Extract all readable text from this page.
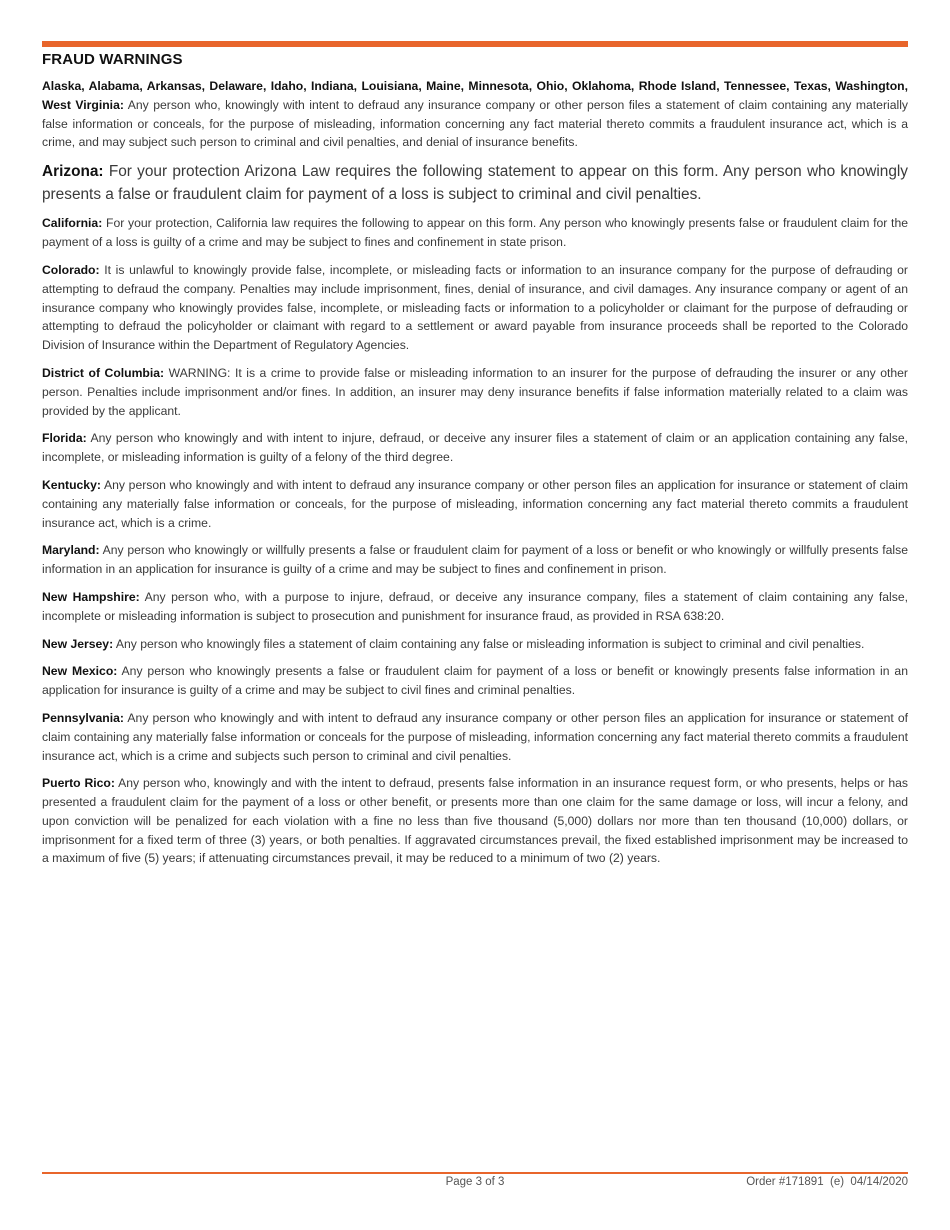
FRAUD WARNINGS

Alaska, Alabama, Arkansas, Delaware, Idaho, Indiana, Louisiana, Maine, Minnesota, Ohio, Oklahoma, Rhode Island, Tennessee, Texas, Washington, West Virginia: Any person who, knowingly with intent to defraud any insurance company or other person files a statement of claim containing any materially false information or conceals, for the purpose of misleading, information concerning any fact material thereto commits a fraudulent insurance act, which is a crime, and may subject such person to criminal and civil penalties, and denial of insurance benefits.

Arizona: For your protection Arizona Law requires the following statement to appear on this form. Any person who knowingly presents a false or fraudulent claim for payment of a loss is subject to criminal and civil penalties.

California: For your protection, California law requires the following to appear on this form. Any person who knowingly presents false or fraudulent claim for the payment of a loss is guilty of a crime and may be subject to fines and confinement in state prison.

Colorado: It is unlawful to knowingly provide false, incomplete, or misleading facts or information to an insurance company for the purpose of defrauding or attempting to defraud the company. Penalties may include imprisonment, fines, denial of insurance, and civil damages. Any insurance company or agent of an insurance company who knowingly provides false, incomplete, or misleading facts or information to a policyholder or claimant for the purpose of defrauding or attempting to defraud the policyholder or claimant with regard to a settlement or award payable from insurance proceeds shall be reported to the Colorado Division of Insurance within the Department of Regulatory Agencies.

District of Columbia: WARNING: It is a crime to provide false or misleading information to an insurer for the purpose of defrauding the insurer or any other person. Penalties include imprisonment and/or fines. In addition, an insurer may deny insurance benefits if false information materially related to a claim was provided by the applicant.

Florida: Any person who knowingly and with intent to injure, defraud, or deceive any insurer files a statement of claim or an application containing any false, incomplete, or misleading information is guilty of a felony of the third degree.

Kentucky: Any person who knowingly and with intent to defraud any insurance company or other person files an application for insurance or statement of claim containing any materially false information or conceals, for the purpose of misleading, information concerning any fact material thereto commits a fraudulent insurance act, which is a crime.

Maryland: Any person who knowingly or willfully presents a false or fraudulent claim for payment of a loss or benefit or who knowingly or willfully presents false information in an application for insurance is guilty of a crime and may be subject to fines and confinement in prison.

New Hampshire: Any person who, with a purpose to injure, defraud, or deceive any insurance company, files a statement of claim containing any false, incomplete or misleading information is subject to prosecution and punishment for insurance fraud, as provided in RSA 638:20.

New Jersey: Any person who knowingly files a statement of claim containing any false or misleading information is subject to criminal and civil penalties.

New Mexico: Any person who knowingly presents a false or fraudulent claim for payment of a loss or benefit or knowingly presents false information in an application for insurance is guilty of a crime and may be subject to civil fines and criminal penalties.

Pennsylvania: Any person who knowingly and with intent to defraud any insurance company or other person files an application for insurance or statement of claim containing any materially false information or conceals for the purpose of misleading, information concerning any fact material thereto commits a fraudulent insurance act, which is a crime and subjects such person to criminal and civil penalties.

Puerto Rico: Any person who, knowingly and with the intent to defraud, presents false information in an insurance request form, or who presents, helps or has presented a fraudulent claim for the payment of a loss or other benefit, or presents more than one claim for the same damage or loss, will incur a felony, and upon conviction will be penalized for each violation with a fine no less than five thousand (5,000) dollars nor more than ten thousand (10,000) dollars, or imprisonment for a fixed term of three (3) years, or both penalties. If aggravated circumstances prevail, the fixed established imprisonment may be increased to a maximum of five (5) years; if attenuating circumstances prevail, it may be reduced to a minimum of two (2) years.

Page 3 of 3	Order #171891  (e)  04/14/2020
